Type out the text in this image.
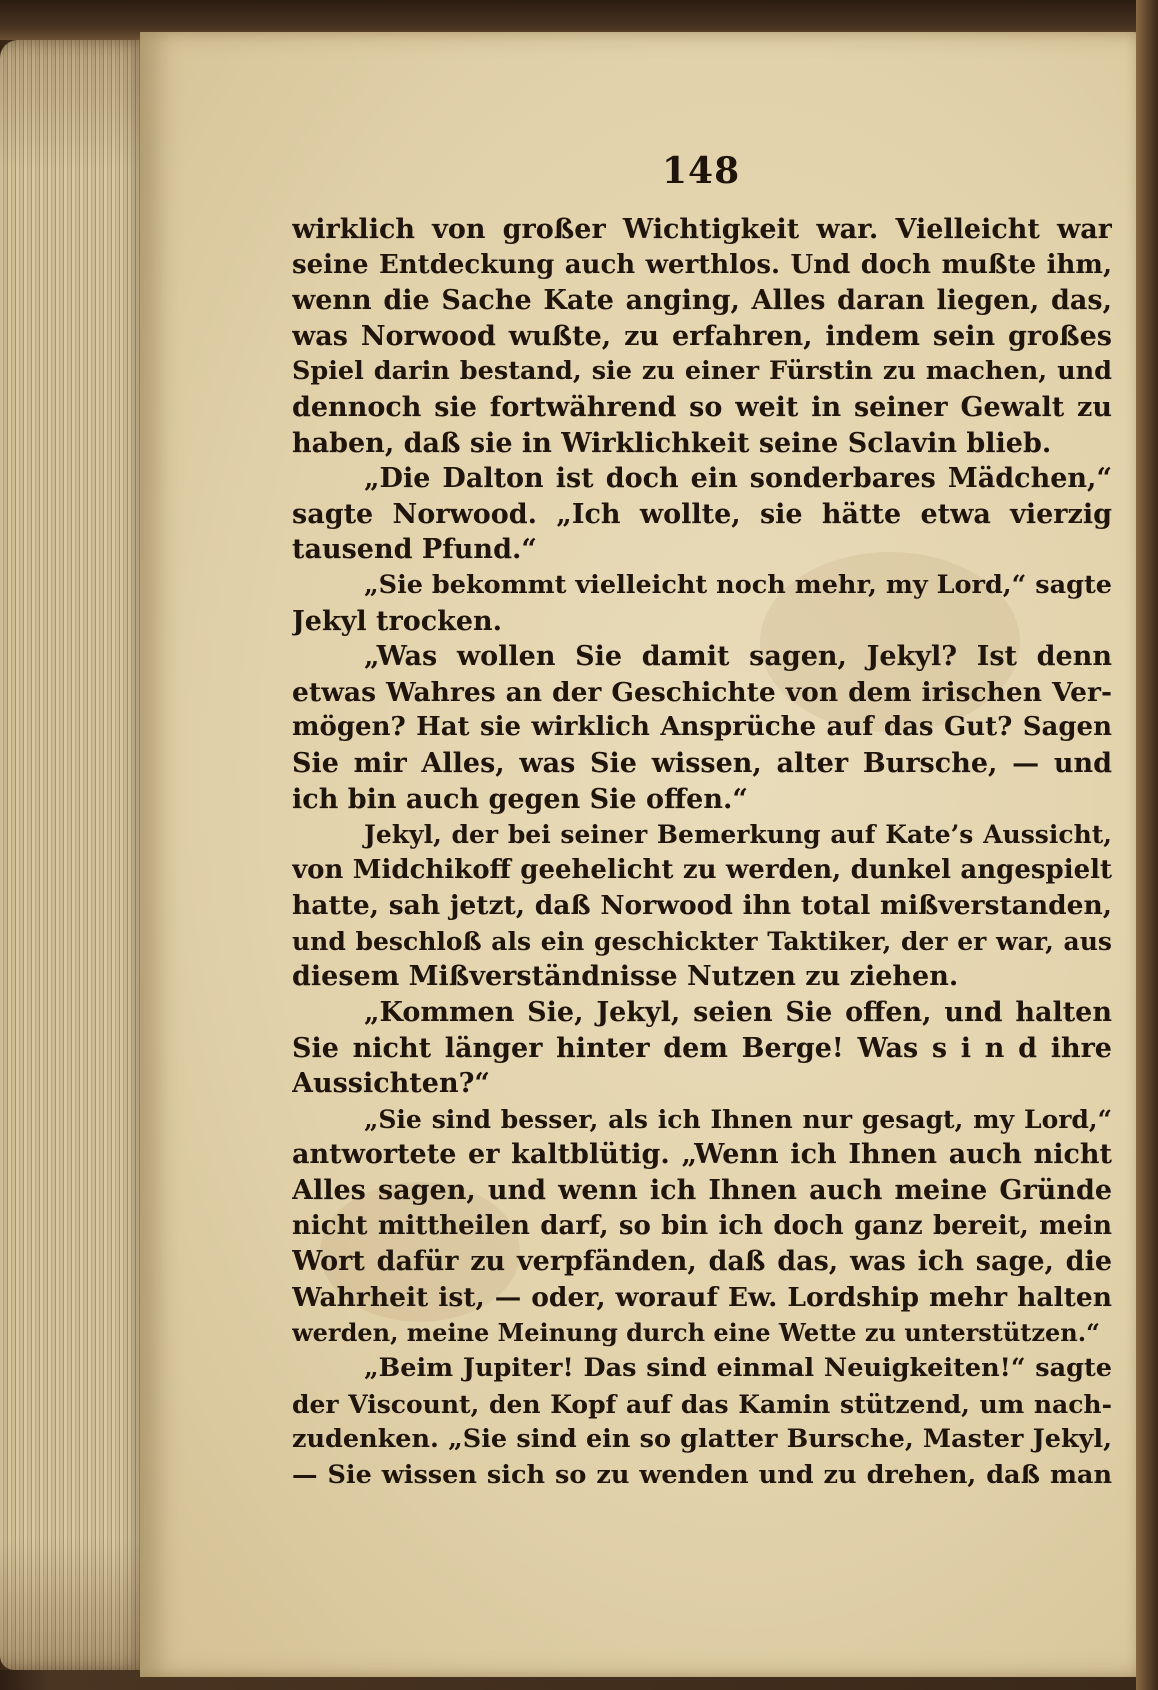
148
wirklich von großer Wichtigkeit war. Vielleicht war
seine Entdeckung auch werthlos. Und doch mußte ihm,
wenn die Sache Kate anging, Alles daran liegen, das,
was Norwood wußte, zu erfahren, indem sein großes
Spiel darin bestand, sie zu einer Fürstin zu machen, und
dennoch sie fortwährend so weit in seiner Gewalt zu
haben, daß sie in Wirklichkeit seine Sclavin blieb.
„Die Dalton ist doch ein sonderbares Mädchen,“
sagte Norwood. „Ich wollte, sie hätte etwa vierzig
tausend Pfund.“
„Sie bekommt vielleicht noch mehr, my Lord,“ sagte
Jekyl trocken.
„Was wollen Sie damit sagen, Jekyl? Ist denn
etwas Wahres an der Geschichte von dem irischen Ver-
mögen? Hat sie wirklich Ansprüche auf das Gut? Sagen
Sie mir Alles, was Sie wissen, alter Bursche, — und
ich bin auch gegen Sie offen.“
Jekyl, der bei seiner Bemerkung auf Kate’s Aussicht,
von Midchikoff geehelicht zu werden, dunkel angespielt
hatte, sah jetzt, daß Norwood ihn total mißverstanden,
und beschloß als ein geschickter Taktiker, der er war, aus
diesem Mißverständnisse Nutzen zu ziehen.
„Kommen Sie, Jekyl, seien Sie offen, und halten
Sie nicht länger hinter dem Berge! Was s i n d ihre
Aussichten?“
„Sie sind besser, als ich Ihnen nur gesagt, my Lord,“
antwortete er kaltblütig. „Wenn ich Ihnen auch nicht
Alles sagen, und wenn ich Ihnen auch meine Gründe
nicht mittheilen darf, so bin ich doch ganz bereit, mein
Wort dafür zu verpfänden, daß das, was ich sage, die
Wahrheit ist, — oder, worauf Ew. Lordship mehr halten
werden, meine Meinung durch eine Wette zu unterstützen.“
„Beim Jupiter! Das sind einmal Neuigkeiten!“ sagte
der Viscount, den Kopf auf das Kamin stützend, um nach-
zudenken. „Sie sind ein so glatter Bursche, Master Jekyl,
— Sie wissen sich so zu wenden und zu drehen, daß man
